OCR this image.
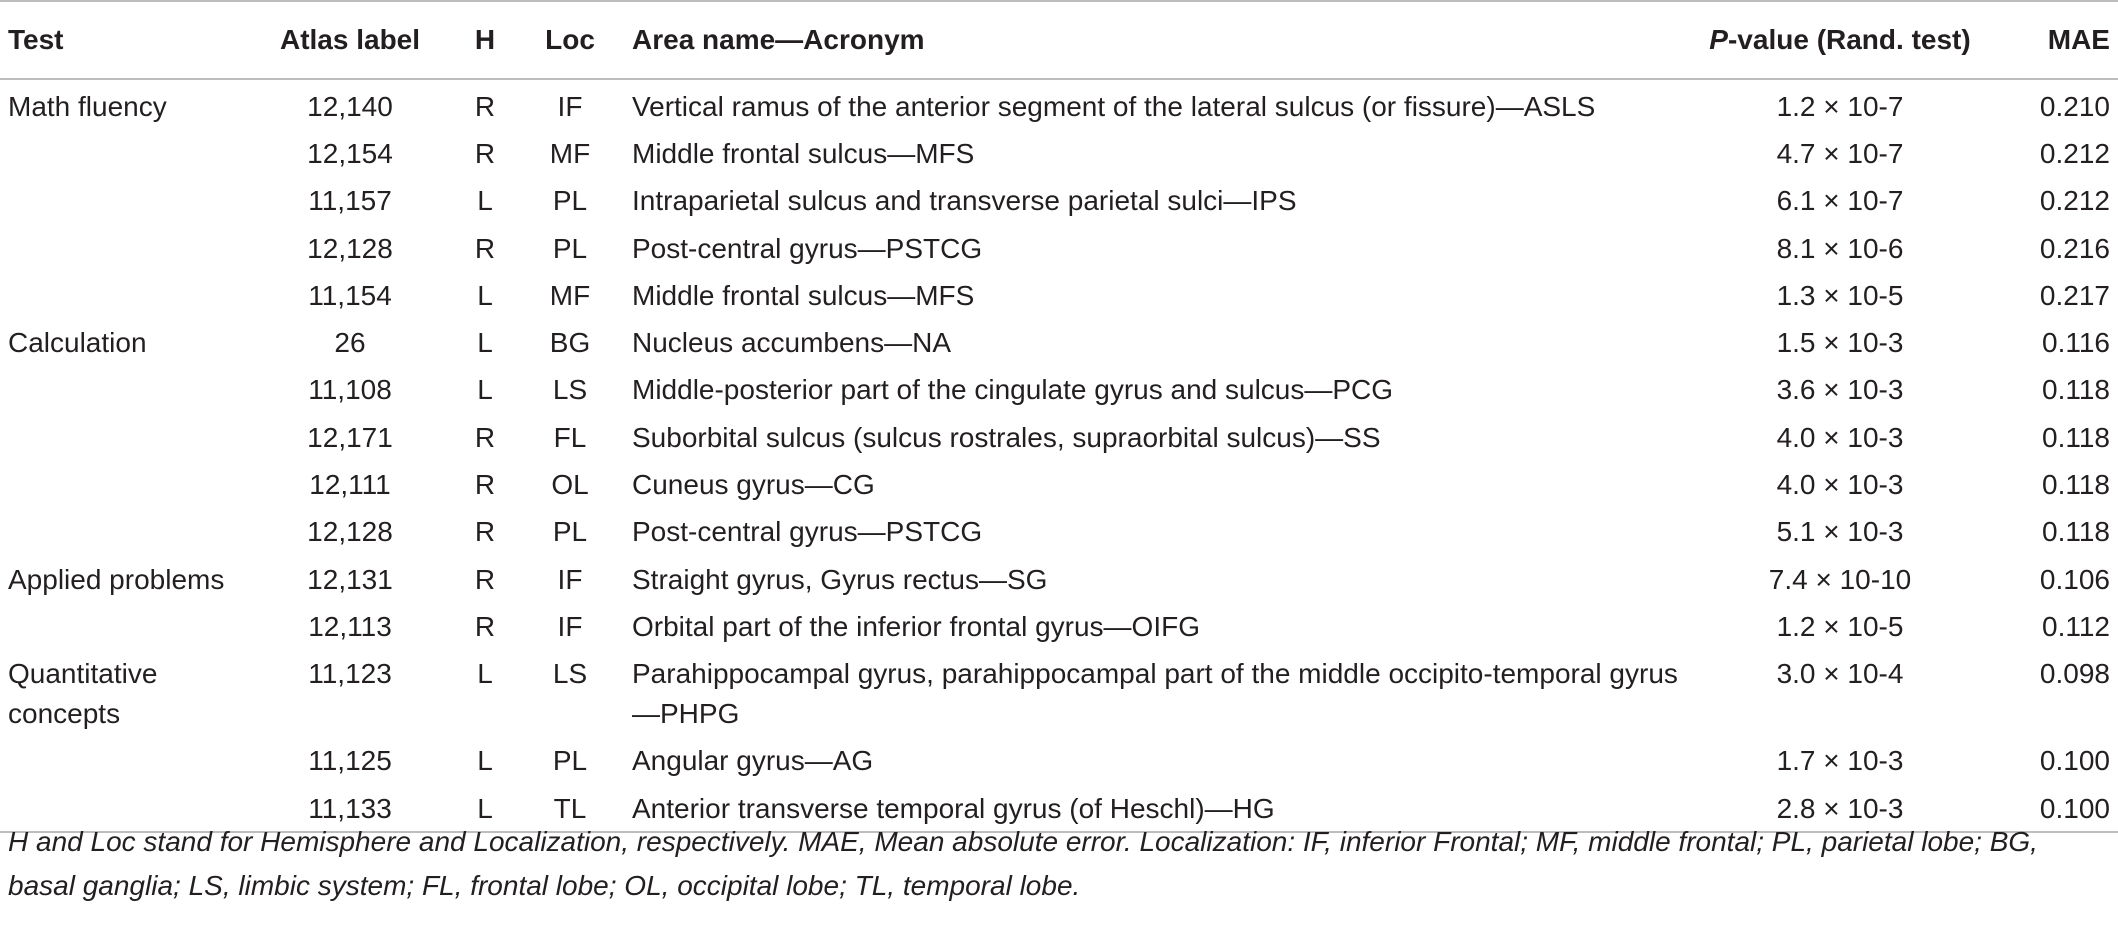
Test	Atlas label	H	Loc	Area name—Acronym	P-value (Rand. test)	MAE
Math fluency	12,140	R	IF	Vertical ramus of the anterior segment of the lateral sulcus (or fissure)—ASLS	1.2 × 10-7	0.210
	12,154	R	MF	Middle frontal sulcus—MFS	4.7 × 10-7	0.212
	11,157	L	PL	Intraparietal sulcus and transverse parietal sulci—IPS	6.1 × 10-7	0.212
	12,128	R	PL	Post-central gyrus—PSTCG	8.1 × 10-6	0.216
	11,154	L	MF	Middle frontal sulcus—MFS	1.3 × 10-5	0.217
Calculation	26	L	BG	Nucleus accumbens—NA	1.5 × 10-3	0.116
	11,108	L	LS	Middle-posterior part of the cingulate gyrus and sulcus—PCG	3.6 × 10-3	0.118
	12,171	R	FL	Suborbital sulcus (sulcus rostrales, supraorbital sulcus)—SS	4.0 × 10-3	0.118
	12,111	R	OL	Cuneus gyrus—CG	4.0 × 10-3	0.118
	12,128	R	PL	Post-central gyrus—PSTCG	5.1 × 10-3	0.118
Applied problems	12,131	R	IF	Straight gyrus, Gyrus rectus—SG	7.4 × 10-10	0.106
	12,113	R	IF	Orbital part of the inferior frontal gyrus—OIFG	1.2 × 10-5	0.112
Quantitative concepts	11,123	L	LS	Parahippocampal gyrus, parahippocampal part of the middle occipito-temporal gyrus—PHPG	3.0 × 10-4	0.098
	11,125	L	PL	Angular gyrus—AG	1.7 × 10-3	0.100
	11,133	L	TL	Anterior transverse temporal gyrus (of Heschl)—HG	2.8 × 10-3	0.100
H and Loc stand for Hemisphere and Localization, respectively. MAE, Mean absolute error. Localization: IF, inferior Frontal; MF, middle frontal; PL, parietal lobe; BG, basal ganglia; LS, limbic system; FL, frontal lobe; OL, occipital lobe; TL, temporal lobe.
